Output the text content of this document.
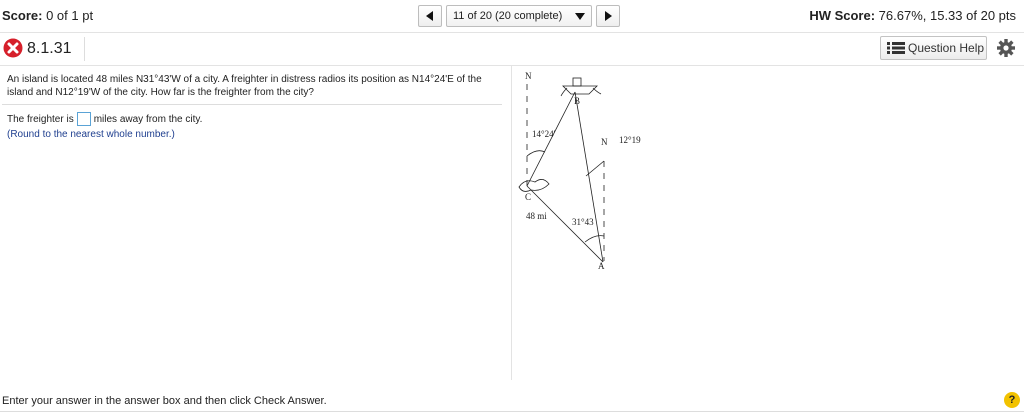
Score: 0 of 1 pt	11 of 20 (20 complete)	HW Score: 76.67%, 15.33 of 20 pts
8.1.31	Question Help
An island is located 48 miles N31°43'W of a city. A freighter in distress radios its position as N14°24'E of the island and N12°19'W of the city. How far is the freighter from the city?
The freighter is miles away from the city.
(Round to the nearest whole number.)
N
N
14°24'
12°19
31°43
48 mi
B
C
A
Enter your answer in the answer box and then click Check Answer.	?
